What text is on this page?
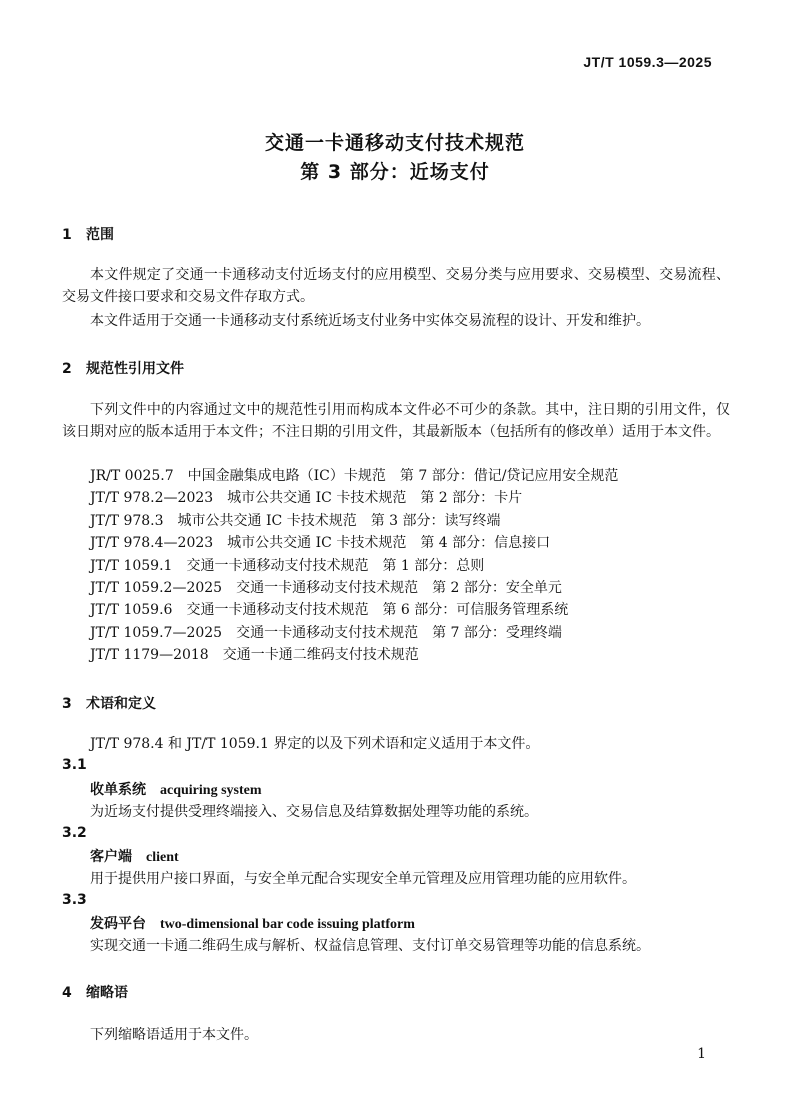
JT/T 1059.3—2025
交通一卡通移动支付技术规范
第 3 部分：近场支付
1 范围
本文件规定了交通一卡通移动支付近场支付的应用模型、交易分类与应用要求、交易模型、交易流程、交易文件接口要求和交易文件存取方式。
本文件适用于交通一卡通移动支付系统近场支付业务中实体交易流程的设计、开发和维护。
2 规范性引用文件
下列文件中的内容通过文中的规范性引用而构成本文件必不可少的条款。其中，注日期的引用文件，仅该日期对应的版本适用于本文件；不注日期的引用文件，其最新版本（包括所有的修改单）适用于本文件。
JR/T 0025.7 中国金融集成电路（IC）卡规范　第 7 部分：借记/贷记应用安全规范
JT/T 978.2—2023 城市公共交通 IC 卡技术规范　第 2 部分：卡片
JT/T 978.3 城市公共交通 IC 卡技术规范　第 3 部分：读写终端
JT/T 978.4—2023 城市公共交通 IC 卡技术规范　第 4 部分：信息接口
JT/T 1059.1 交通一卡通移动支付技术规范　第 1 部分：总则
JT/T 1059.2—2025 交通一卡通移动支付技术规范　第 2 部分：安全单元
JT/T 1059.6 交通一卡通移动支付技术规范　第 6 部分：可信服务管理系统
JT/T 1059.7—2025 交通一卡通移动支付技术规范　第 7 部分：受理终端
JT/T 1179—2018 交通一卡通二维码支付技术规范
3 术语和定义
JT/T 978.4 和 JT/T 1059.1 界定的以及下列术语和定义适用于本文件。
3.1
收单系统 acquiring system
为近场支付提供受理终端接入、交易信息及结算数据处理等功能的系统。
3.2
客户端 client
用于提供用户接口界面，与安全单元配合实现安全单元管理及应用管理功能的应用软件。
3.3
发码平台 two-dimensional bar code issuing platform
实现交通一卡通二维码生成与解析、权益信息管理、支付订单交易管理等功能的信息系统。
4 缩略语
下列缩略语适用于本文件。
1
